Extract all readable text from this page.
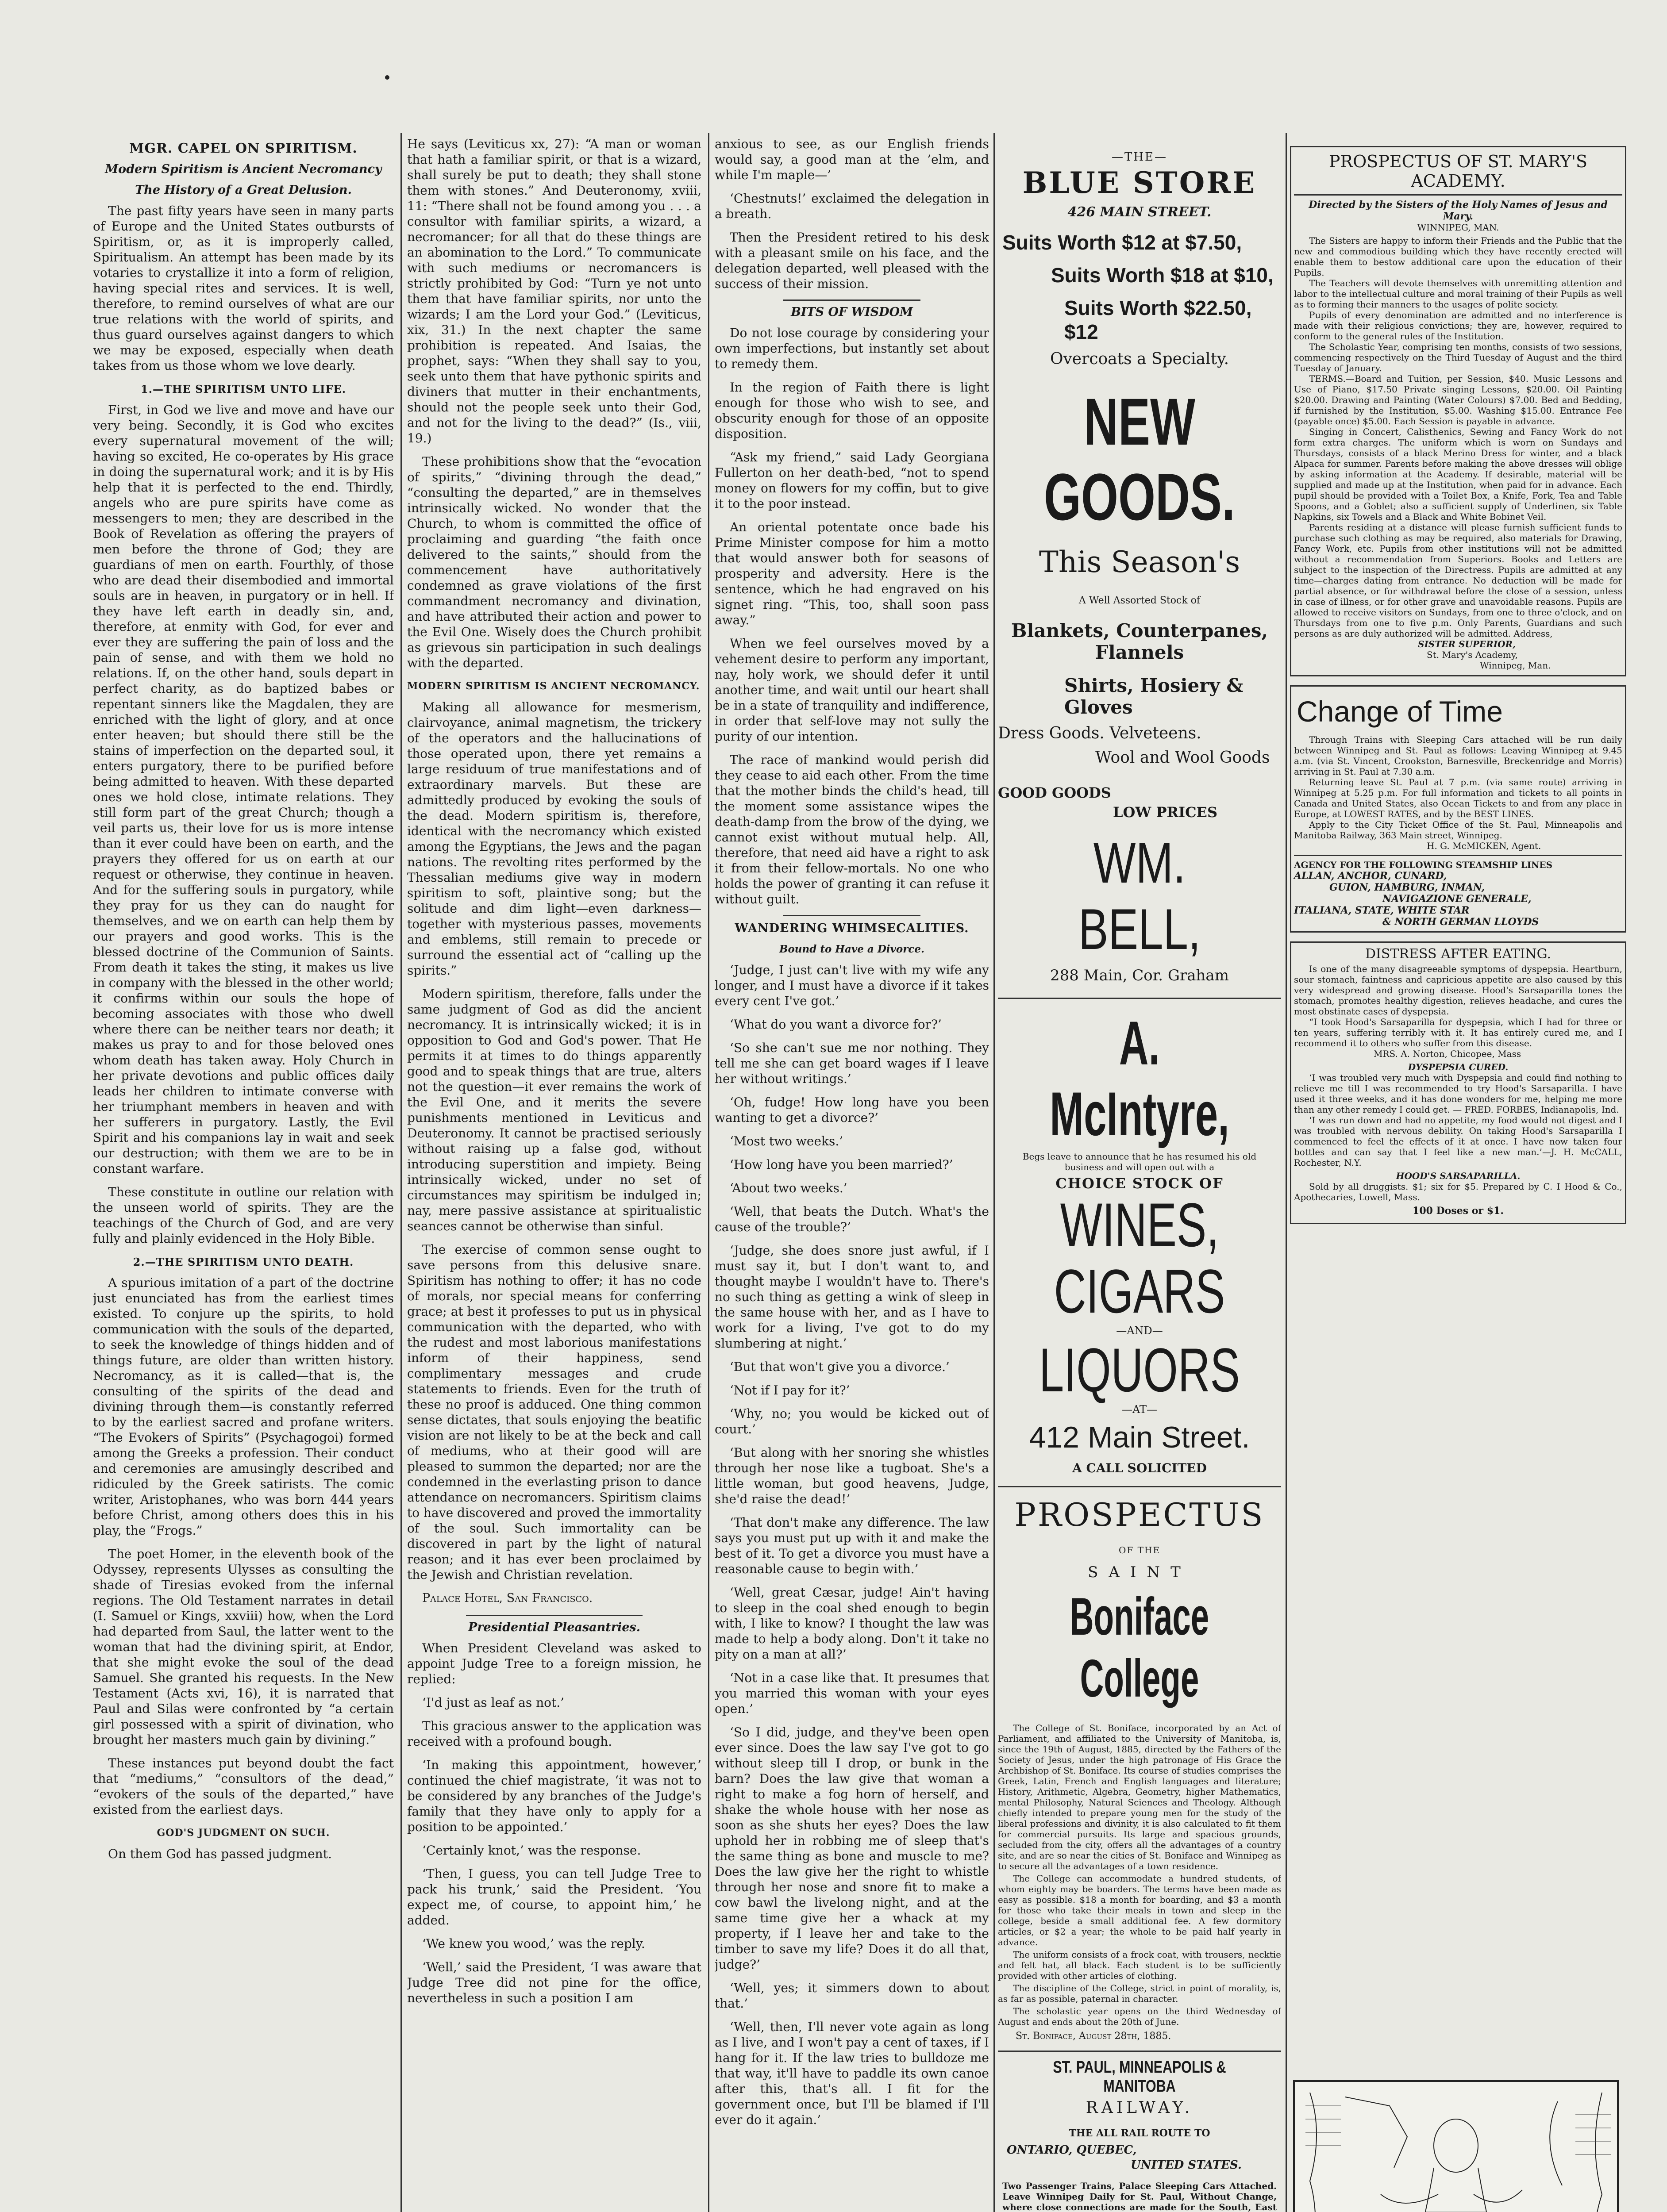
MGR. CAPEL ON SPIRITISM.
Modern Spiritism is Ancient Necromancy
The History of a Great Delusion.

The past fifty years have seen in many parts of Europe and the United States outbursts of Spiritism, or, as it is improperly called, Spiritualism. An attempt has been made by its votaries to crystallize it into a form of religion, having special rites and services. It is well, therefore, to remind ourselves of what are our true relations with the world of spirits, and thus guard ourselves against dangers to which we may be exposed, especially when death takes from us those whom we love dearly.

1.—THE SPIRITISM UNTO LIFE.

First, in God we live and move and have our very being. Secondly, it is God who excites every supernatural movement of the will; having so excited, He co-operates by His grace in doing the supernatural work; and it is by His help that it is perfected to the end. Thirdly, angels who are pure spirits have come as messengers to men; they are described in the Book of Revelation as offering the prayers of men before the throne of God; they are guardians of men on earth. Fourthly, of those who are dead their disembodied and immortal souls are in heaven, in purgatory or in hell. If they have left earth in deadly sin, and, therefore, at enmity with God, for ever and ever they are suffering the pain of loss and the pain of sense, and with them we hold no relations. If, on the other hand, souls depart in perfect charity, as do baptized babes or repentant sinners like the Magdalen, they are enriched with the light of glory, and at once enter heaven; but should there still be the stains of imperfection on the departed soul, it enters purgatory, there to be purified before being admitted to heaven. With these departed ones we hold close, intimate relations. They still form part of the great Church; though a veil parts us, their love for us is more intense than it ever could have been on earth, and the prayers they offered for us on earth at our request or otherwise, they continue in heaven. And for the suffering souls in purgatory, while they pray for us they can do naught for themselves, and we on earth can help them by our prayers and good works. This is the blessed doctrine of the Communion of Saints. From death it takes the sting, it makes us live in company with the blessed in the other world; it confirms within our souls the hope of becoming associates with those who dwell where there can be neither tears nor death; it makes us pray to and for those beloved ones whom death has taken away. Holy Church in her private devotions and public offices daily leads her children to intimate converse with her triumphant members in heaven and with her sufferers in purgatory. Lastly, the Evil Spirit and his companions lay in wait and seek our destruction; with them we are to be in constant warfare.

These constitute in outline our relation with the unseen world of spirits. They are the teachings of the Church of God, and are very fully and plainly evidenced in the Holy Bible.

2.—THE SPIRITISM UNTO DEATH.

A spurious imitation of a part of the doctrine just enunciated has from the earliest times existed. To conjure up the spirits, to hold communication with the souls of the departed, to seek the knowledge of things hidden and of things future, are older than written history. Necromancy, as it is called—that is, the consulting of the spirits of the dead and divining through them—is constantly referred to by the earliest sacred and profane writers. “The Evokers of Spirits” (Psychagogoi) formed among the Greeks a profession. Their conduct and ceremonies are amusingly described and ridiculed by the Greek satirists. The comic writer, Aristophanes, who was born 444 years before Christ, among others does this in his play, the “Frogs.”

The poet Homer, in the eleventh book of the Odyssey, represents Ulysses as consulting the shade of Tiresias evoked from the infernal regions. The Old Testament narrates in detail (I. Samuel or Kings, xxviii) how, when the Lord had departed from Saul, the latter went to the woman that had the divining spirit, at Endor, that she might evoke the soul of the dead Samuel. She granted his requests. In the New Testament (Acts xvi, 16), it is narrated that Paul and Silas were confronted by “a certain girl possessed with a spirit of divination, who brought her masters much gain by divining.”

These instances put beyond doubt the fact that “mediums,” “consultors of the dead,” “evokers of the souls of the departed,” have existed from the earliest days.

GOD'S JUDGMENT ON SUCH.

On them God has passed judgment.

He says (Leviticus xx, 27): “A man or woman that hath a familiar spirit, or that is a wizard, shall surely be put to death; they shall stone them with stones.” And Deuteronomy, xviii, 11: “There shall not be found among you . . . a consultor with familiar spirits, a wizard, a necromancer; for all that do these things are an abomination to the Lord.” To communicate with such mediums or necromancers is strictly prohibited by God: “Turn ye not unto them that have familiar spirits, nor unto the wizards; I am the Lord your God.” (Leviticus, xix, 31.) In the next chapter the same prohibition is repeated. And Isaias, the prophet, says: “When they shall say to you, seek unto them that have pythonic spirits and diviners that mutter in their enchantments, should not the people seek unto their God, and not for the living to the dead?” (Is., viii, 19.)

These prohibitions show that the “evocation of spirits,” “divining through the dead,” “consulting the departed,” are in themselves intrinsically wicked. No wonder that the Church, to whom is committed the office of proclaiming and guarding “the faith once delivered to the saints,” should from the commencement have authoritatively condemned as grave violations of the first commandment necromancy and divination, and have attributed their action and power to the Evil One. Wisely does the Church prohibit as grievous sin participation in such dealings with the departed.

MODERN SPIRITISM IS ANCIENT NECROMANCY.

Making all allowance for mesmerism, clairvoyance, animal magnetism, the trickery of the operators and the hallucinations of those operated upon, there yet remains a large residuum of true manifestations and of extraordinary marvels. But these are admittedly produced by evoking the souls of the dead. Modern spiritism is, therefore, identical with the necromancy which existed among the Egyptians, the Jews and the pagan nations. The revolting rites performed by the Thessalian mediums give way in modern spiritism to soft, plaintive song; but the solitude and dim light—even darkness—together with mysterious passes, movements and emblems, still remain to precede or surround the essential act of “calling up the spirits.”

Modern spiritism, therefore, falls under the same judgment of God as did the ancient necromancy. It is intrinsically wicked; it is in opposition to God and God's power. That He permits it at times to do things apparently good and to speak things that are true, alters not the question—it ever remains the work of the Evil One, and it merits the severe punishments mentioned in Leviticus and Deuteronomy. It cannot be practised seriously without raising up a false god, without introducing superstition and impiety. Being intrinsically wicked, under no set of circumstances may spiritism be indulged in; nay, mere passive assistance at spiritualistic seances cannot be otherwise than sinful.

The exercise of common sense ought to save persons from this delusive snare. Spiritism has nothing to offer; it has no code of morals, nor special means for conferring grace; at best it professes to put us in physical communication with the departed, who with the rudest and most laborious manifestations inform of their happiness, send complimentary messages and crude statements to friends. Even for the truth of these no proof is adduced. One thing common sense dictates, that souls enjoying the beatific vision are not likely to be at the beck and call of mediums, who at their good will are pleased to summon the departed; nor are the condemned in the everlasting prison to dance attendance on necromancers. Spiritism claims to have discovered and proved the immortality of the soul. Such immortality can be discovered in part by the light of natural reason; and it has ever been proclaimed by the Jewish and Christian revelation.

Palace Hotel, San Francisco.
Presidential Pleasantries.

When President Cleveland was asked to appoint Judge Tree to a foreign mission, he replied:

‘I'd just as leaf as not.’

This gracious answer to the application was received with a profound bough.

‘In making this appointment, however,’ continued the chief magistrate, ‘it was not to be considered by any branches of the Judge's family that they have only to apply for a position to be appointed.’

‘Certainly knot,’ was the response.

‘Then, I guess, you can tell Judge Tree to pack his trunk,’ said the President. ‘You expect me, of course, to appoint him,’ he added.

‘We knew you wood,’ was the reply.

‘Well,’ said the President, ‘I was aware that Judge Tree did not pine for the office, nevertheless in such a position I am

anxious to see, as our English friends would say, a good man at the ’elm, and while I'm maple—’

‘Chestnuts!’ exclaimed the delegation in a breath.

Then the President retired to his desk with a pleasant smile on his face, and the delegation departed, well pleased with the success of their mission.

BITS OF WISDOM

Do not lose courage by considering your own imperfections, but instantly set about to remedy them.

In the region of Faith there is light enough for those who wish to see, and obscurity enough for those of an opposite disposition.

“Ask my friend,” said Lady Georgiana Fullerton on her death-bed, “not to spend money on flowers for my coffin, but to give it to the poor instead.

An oriental potentate once bade his Prime Minister compose for him a motto that would answer both for seasons of prosperity and adversity. Here is the sentence, which he had engraved on his signet ring. “This, too, shall soon pass away.”

When we feel ourselves moved by a vehement desire to perform any important, nay, holy work, we should defer it until another time, and wait until our heart shall be in a state of tranquility and indifference, in order that self-love may not sully the purity of our intention.

The race of mankind would perish did they cease to aid each other. From the time that the mother binds the child's head, till the moment some assistance wipes the death-damp from the brow of the dying, we cannot exist without mutual help. All, therefore, that need aid have a right to ask it from their fellow-mortals. No one who holds the power of granting it can refuse it without guilt.

WANDERING WHIMSECALITIES.
Bound to Have a Divorce.

‘Judge, I just can't live with my wife any longer, and I must have a divorce if it takes every cent I've got.’

‘What do you want a divorce for?’

‘So she can't sue me nor nothing. They tell me she can get board wages if I leave her without writings.’

‘Oh, fudge! How long have you been wanting to get a divorce?’

‘Most two weeks.’

‘How long have you been married?’

‘About two weeks.’

‘Well, that beats the Dutch. What's the cause of the trouble?’

‘Judge, she does snore just awful, if I must say it, but I don't want to, and thought maybe I wouldn't have to. There's no such thing as getting a wink of sleep in the same house with her, and as I have to work for a living, I've got to do my slumbering at night.’

‘But that won't give you a divorce.’

‘Not if I pay for it?’

‘Why, no; you would be kicked out of court.’

‘But along with her snoring she whistles through her nose like a tugboat. She's a little woman, but good heavens, Judge, she'd raise the dead!’

‘That don't make any difference. The law says you must put up with it and make the best of it. To get a divorce you must have a reasonable cause to begin with.’

‘Well, great Cæsar, judge! Ain't having to sleep in the coal shed enough to begin with, I like to know? I thought the law was made to help a body along. Don't it take no pity on a man at all?’

‘Not in a case like that. It presumes that you married this woman with your eyes open.’

‘So I did, judge, and they've been open ever since. Does the law say I've got to go without sleep till I drop, or bunk in the barn? Does the law give that woman a right to make a fog horn of herself, and shake the whole house with her nose as soon as she shuts her eyes? Does the law uphold her in robbing me of sleep that's the same thing as bone and muscle to me? Does the law give her the right to whistle through her nose and snore fit to make a cow bawl the livelong night, and at the same time give her a whack at my property, if I leave her and take to the timber to save my life? Does it do all that, judge?’

‘Well, yes; it simmers down to about that.’

‘Well, then, I'll never vote again as long as I live, and I won't pay a cent of taxes, if I hang for it. If the law tries to bulldoze me that way, it'll have to paddle its own canoe after this, that's all. I fit for the government once, but I'll be blamed if I'll ever do it again.’

—THE—
BLUE STORE
426 MAIN STREET.
Suits Worth $12 at $7.50,
Suits Worth $18 at $10,
Suits Worth $22.50, $12
Overcoats a Specialty.
NEW GOODS.
This Season's
A Well Assorted Stock of
Blankets, Counterpanes, Flannels
Shirts, Hosiery & Gloves
Dress Goods. Velveteens.
Wool and Wool Goods
GOOD GOODS
LOW PRICES
WM. BELL,
288 Main, Cor. Graham
A. McIntyre,
Begs leave to announce that he has resumed his old business and will open out with a
CHOICE STOCK OF
WINES,
CIGARS
—AND—
LIQUORS
—AT—
412 Main Street.
A CALL SOLICITED
PROSPECTUS
OF THE
SAINT
Boniface College

The College of St. Boniface, incorporated by an Act of Parliament, and affiliated to the University of Manitoba, is, since the 19th of August, 1885, directed by the Fathers of the Society of Jesus, under the high patronage of His Grace the Archbishop of St. Boniface. Its course of studies comprises the Greek, Latin, French and English languages and literature; History, Arithmetic, Algebra, Geometry, higher Mathematics, mental Philosophy, Natural Sciences and Theology. Although chiefly intended to prepare young men for the study of the liberal professions and divinity, it is also calculated to fit them for commercial pursuits. Its large and spacious grounds, secluded from the city, offers all the advantages of a country site, and are so near the cities of St. Boniface and Winnipeg as to secure all the advantages of a town residence.

The College can accommodate a hundred students, of whom eighty may be boarders. The terms have been made as easy as possible. $18 a month for boarding, and $3 a month for those who take their meals in town and sleep in the college, beside a small additional fee. A few dormitory articles, or $2 a year; the whole to be paid half yearly in advance.

The uniform consists of a frock coat, with trousers, necktie and felt hat, all black. Each student is to be sufficiently provided with other articles of clothing.

The discipline of the College, strict in point of morality, is, as far as possible, paternal in character.

The scholastic year opens on the third Wednesday of August and ends about the 20th of June.

St. Boniface, August 28th, 1885.
ST. PAUL, MINNEAPOLIS & MANITOBA
RAILWAY.
THE ALL RAIL ROUTE TO
ONTARIO, QUEBEC,
UNITED STATES.

Two Passenger Trains, Palace Sleeping Cars Attached. Leave Winnipeg Daily for St. Paul, Without Change, where close connections are made for the South, East

PROSPECTUS OF ST. MARY'S ACADEMY.
Directed by the Sisters of the Holy Names of Jesus and Mary.
WINNIPEG, MAN.

The Sisters are happy to inform their Friends and the Public that the new and commodious building which they have recently erected will enable them to bestow additional care upon the education of their Pupils.

The Teachers will devote themselves with unremitting attention and labor to the intellectual culture and moral training of their Pupils as well as to forming their manners to the usages of polite society.

Pupils of every denomination are admitted and no interference is made with their religious convictions; they are, however, required to conform to the general rules of the Institution.

The Scholastic Year, comprising ten months, consists of two sessions, commencing respectively on the Third Tuesday of August and the third Tuesday of January.

TERMS.—Board and Tuition, per Session, $40. Music Lessons and Use of Piano, $17.50 Private singing Lessons, $20.00. Oil Painting $20.00. Drawing and Painting (Water Colours) $7.00. Bed and Bedding, if furnished by the Institution, $5.00. Washing $15.00. Entrance Fee (payable once) $5.00. Each Session is payable in advance.

Singing in Concert, Calisthenics, Sewing and Fancy Work do not form extra charges. The uniform which is worn on Sundays and Thursdays, consists of a black Merino Dress for winter, and a black Alpaca for summer. Parents before making the above dresses will oblige by asking information at the Academy. If desirable, material will be supplied and made up at the Institution, when paid for in advance. Each pupil should be provided with a Toilet Box, a Knife, Fork, Tea and Table Spoons, and a Goblet; also a sufficient supply of Underlinen, six Table Napkins, six Towels and a Black and White Bobinet Veil.

Parents residing at a distance will please furnish sufficient funds to purchase such clothing as may be required, also materials for Drawing, Fancy Work, etc. Pupils from other institutions will not be admitted without a recommendation from Superiors. Books and Letters are subject to the inspection of the Directress. Pupils are admitted at any time—charges dating from entrance. No deduction will be made for partial absence, or for withdrawal before the close of a session, unless in case of illness, or for other grave and unavoidable reasons. Pupils are allowed to receive visitors on Sundays, from one to three o'clock, and on Thursdays from one to five p.m. Only Parents, Guardians and such persons as are duly authorized will be admitted. Address,

SISTER SUPERIOR,
St. Mary's Academy,
Winnipeg, Man.
Change of Time

Through Trains with Sleeping Cars attached will be run daily between Winnipeg and St. Paul as follows: Leaving Winnipeg at 9.45 a.m. (via St. Vincent, Crookston, Barnesville, Breckenridge and Morris) arriving in St. Paul at 7.30 a.m.

Returning leave St. Paul at 7 p.m. (via same route) arriving in Winnipeg at 5.25 p.m. For full information and tickets to all points in Canada and United States, also Ocean Tickets to and from any place in Europe, at LOWEST RATES, and by the BEST LINES.

Apply to the City Ticket Office of the St. Paul, Minneapolis and Manitoba Railway, 363 Main street, Winnipeg.

H. G. McMICKEN, Agent.
AGENCY FOR THE FOLLOWING STEAMSHIP LINES
ALLAN, ANCHOR, CUNARD,
GUION, HAMBURG, INMAN,
NAVIGAZIONE GENERALE,
ITALIANA, STATE, WHITE STAR
& NORTH GERMAN LLOYDS
DISTRESS AFTER EATING.

Is one of the many disagreeable symptoms of dyspepsia. Heartburn, sour stomach, faintness and capricious appetite are also caused by this very widespread and growing disease. Hood's Sarsaparilla tones the stomach, promotes healthy digestion, relieves headache, and cures the most obstinate cases of dyspepsia.

“I took Hood's Sarsaparilla for dyspepsia, which I had for three or ten years, suffering terribly with it. It has entirely cured me, and I recommend it to others who suffer from this disease.

MRS. A. Norton, Chicopee, Mass
DYSPEPSIA CURED.

‘I was troubled very much with Dyspepsia and could find nothing to relieve me till I was recommended to try Hood's Sarsaparilla. I have used it three weeks, and it has done wonders for me, helping me more than any other remedy I could get. — FRED. FORBES, Indianapolis, Ind.

‘I was run down and had no appetite, my food would not digest and I was troubled with nervous debility. On taking Hood's Sarsaparilla I commenced to feel the effects of it at once. I have now taken four bottles and can say that I feel like a new man.’—J. H. McCALL, Rochester, N.Y.

HOOD'S SARSAPARILLA.

Sold by all druggists. $1; six for $5. Prepared by C. I Hood & Co., Apothecaries, Lowell, Mass.

100 Doses or $1.
